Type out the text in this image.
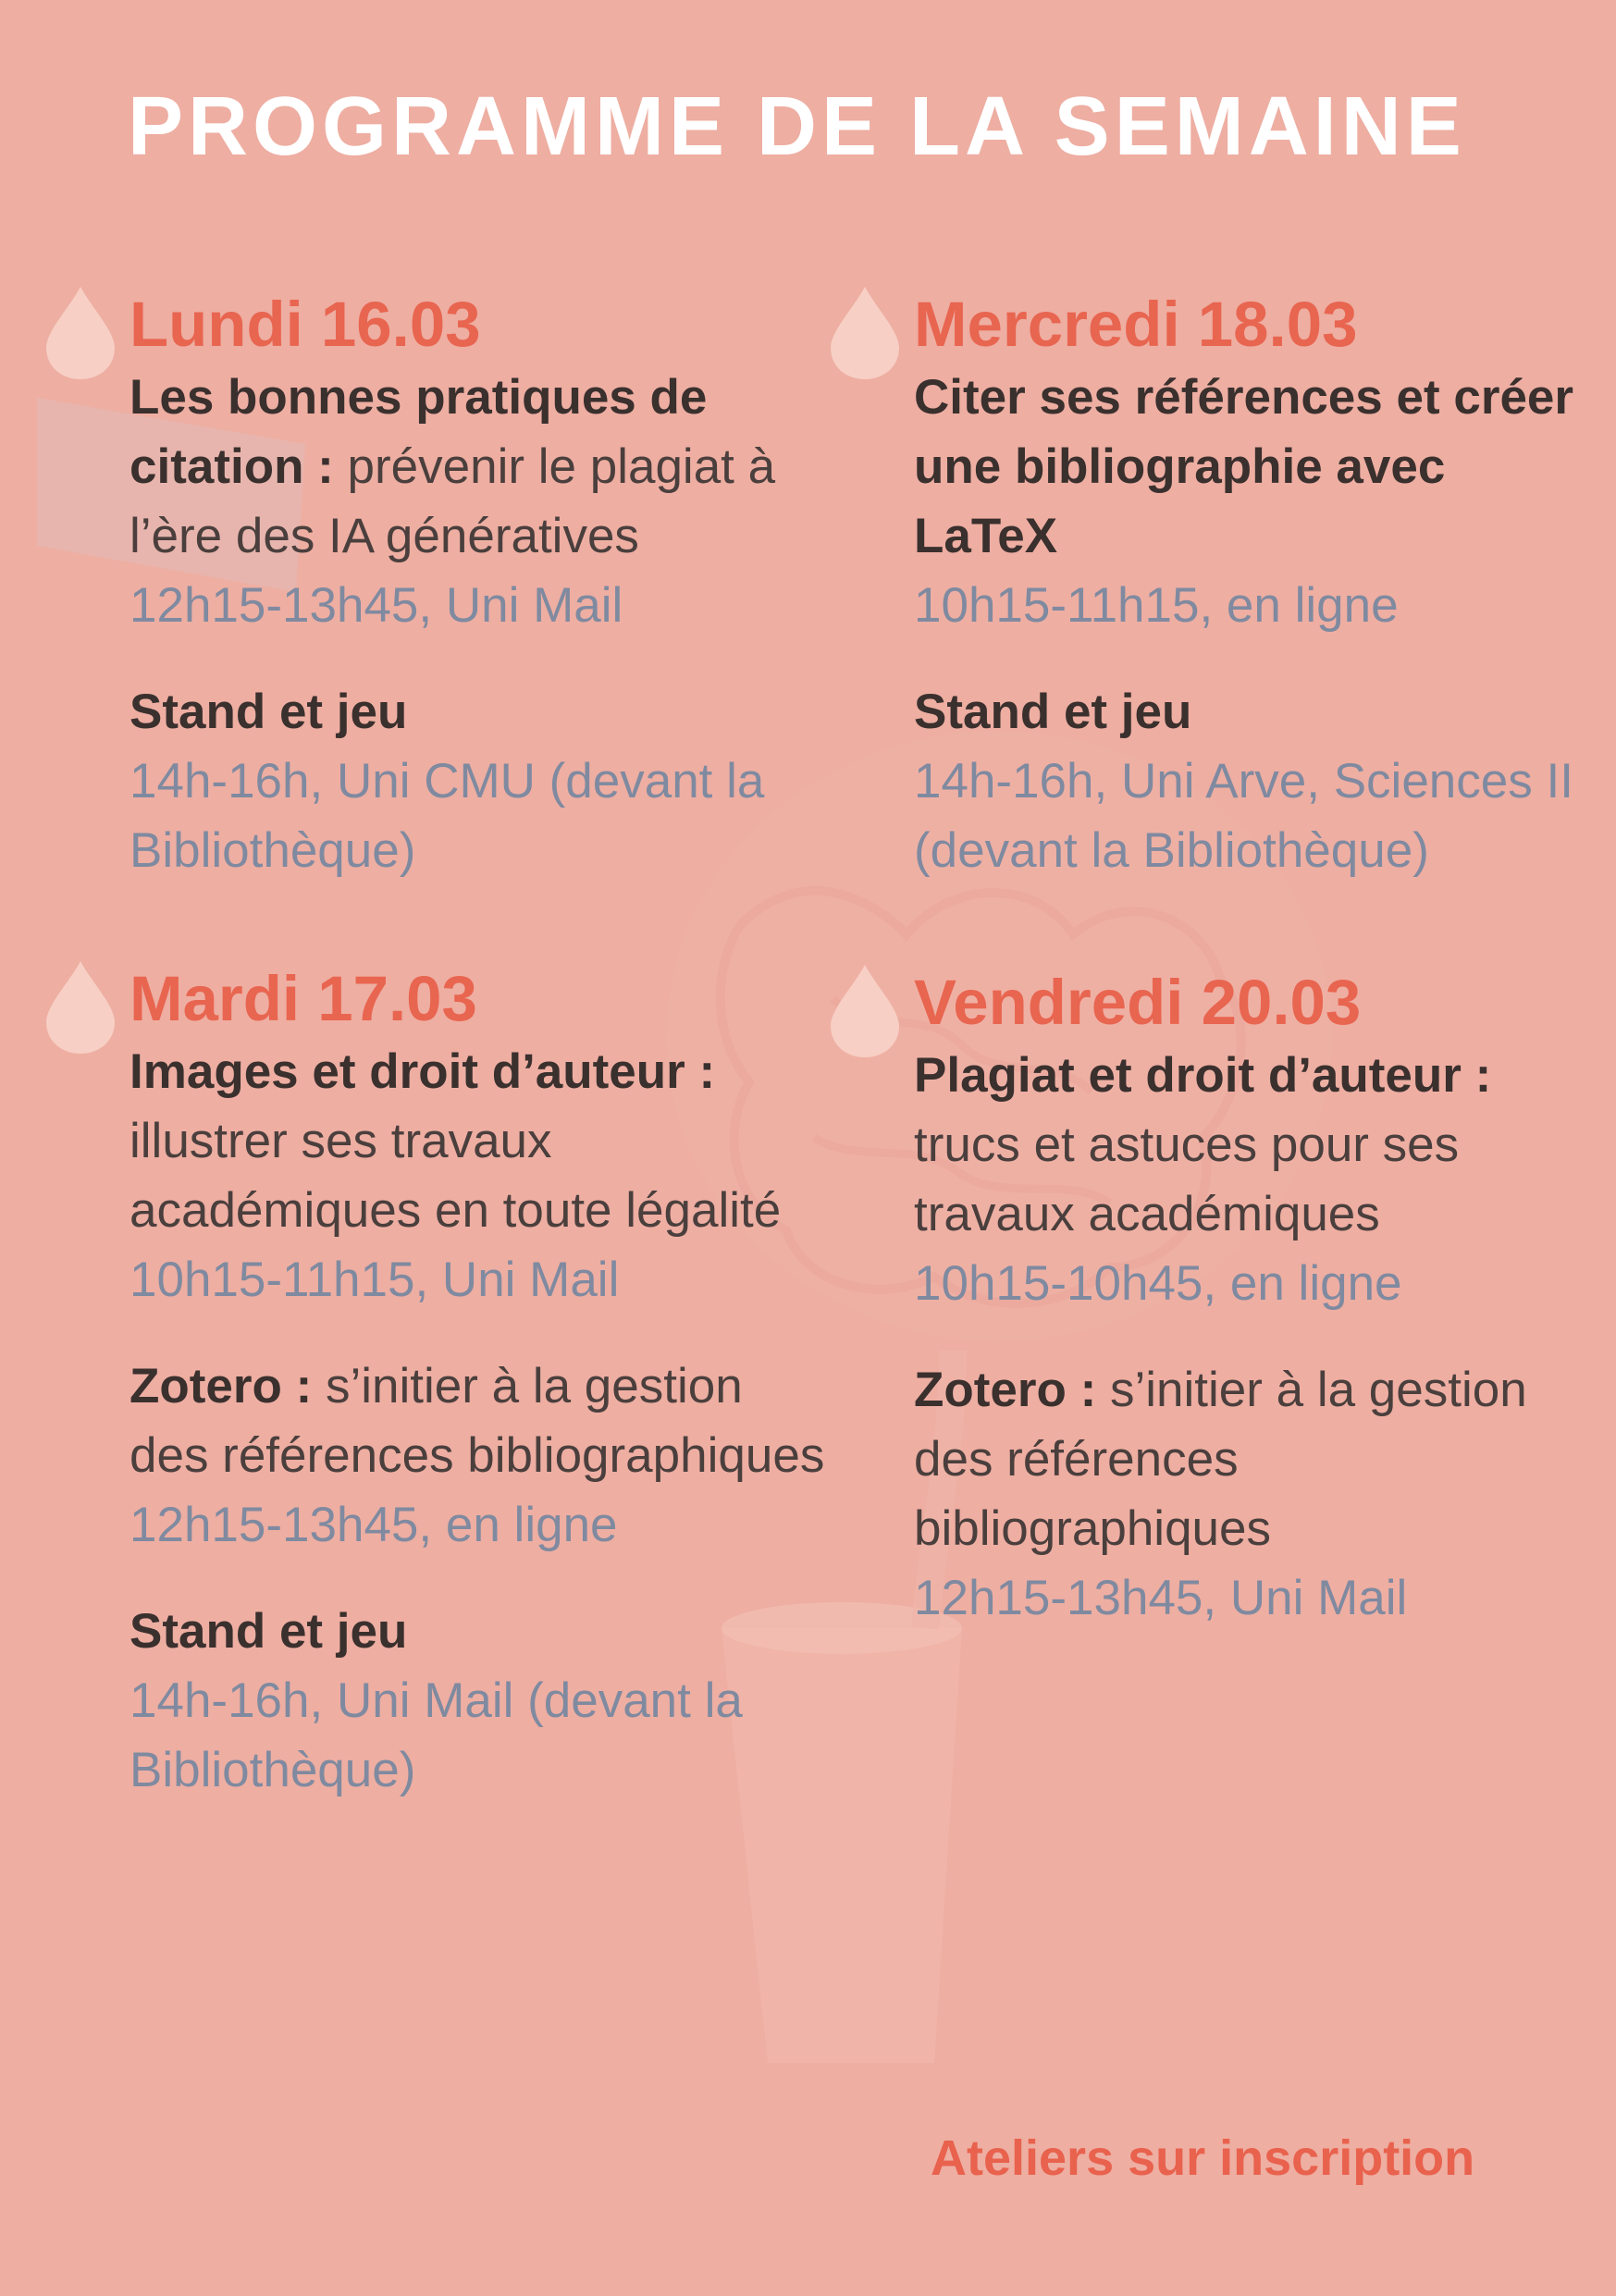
PROGRAMME DE LA SEMAINE
Lundi 16.03

Les bonnes pratiques de citation : prévenir le plagiat à l’ère des IA génératives

12h15-13h45, Uni Mail

Stand et jeu

14h-16h, Uni CMU (devant la Bibliothèque)

Mardi 17.03

Images et droit d’auteur : illustrer ses travaux académiques en toute légalité

10h15-11h15, Uni Mail

Zotero : s’initier à la gestion des références bibliographiques

12h15-13h45, en ligne

Stand et jeu

14h-16h, Uni Mail (devant la Bibliothèque)

Mercredi 18.03

Citer ses références et créer une bibliographie avec LaTeX

10h15-11h15, en ligne

Stand et jeu

14h-16h, Uni Arve, Sciences II (devant la Bibliothèque)

Vendredi 20.03

Plagiat et droit d’auteur : trucs et astuces pour ses travaux académiques

10h15-10h45, en ligne

Zotero : s’initier à la gestion des références bibliographiques

12h15-13h45, Uni Mail

Ateliers sur inscription
